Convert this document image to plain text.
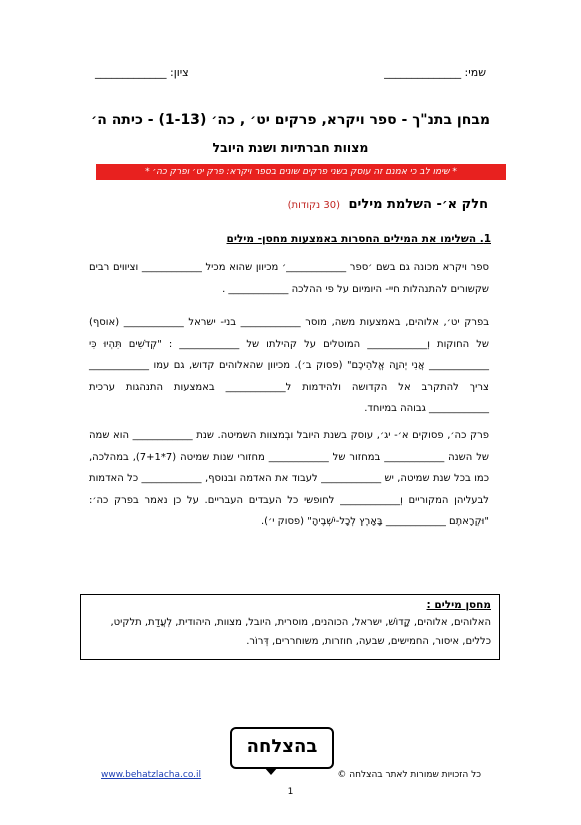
שמי: ______________
ציון: _____________
מבחן בתנ"ך - ספר ויקרא, פרקים יט׳ , כה׳ (1-13) - כיתה ה׳
מצוות חברתיות ושנת היובל
* שימו לב כי אמנם זה עוסק בשני פרקים שונים בספר ויקרא: פרק יט׳ ופרק כה׳ *
חלק א׳- השלמת מילים (30 נקודות)
1. השלימו את המילים החסרות באמצעות מחסן- מילים
ספר ויקרא מכונה גם בשם ׳ספר ____________׳ מכיוון שהוא מכיל ____________ וציווים רבים שקשורים להתנהלות חיי- היומיום על פי ההלכה ____________ .
בפרק יט׳, אלוהים, באמצעות משה, מוסר ____________ בני- ישראל ____________ (אוסף) של החוקות וְ____________ המוטלים על קהילתו של ____________ : "קְדֹשִׁים תִּהְיוּ כִּי ____________ אֲנִי יְהוָה אֱלֹהֵיכֶם" (פסוק ב׳). מכיוון שהאלוהים קדוש, גם עמו ____________ צריך להתקרב אל הקדושה ולהידמות ל____________ באמצעות התנהגות ערכית ____________ גבוהה במיוחד.
פרק כה׳, פסוקים א׳- יג׳, עוסק בשנת היובל ובְמצוות השמיטה. שנת ____________ הוא שמה של השנה ____________ במחזור של ____________ מחזורי שנות שמיטה (7*7+1), במהלכה, כמו בכל שנת שמיטה, יש ____________ לעבוד את האדמה ובנוסף, ____________ כל האדמות לבעליהן המקוריים וְ____________ לחופשי כל העבדים העבריים. על כן נאמר בפרק כה׳: "וּקְרָאתֶם ____________ בָּאָרֶץ לְכָל-יֹשְׁבֶיהָ" (פסוק י׳).
מחסן מילים :
האלוהים, אלוהים, קָדוֹשׁ, ישראל, הכוהנים, מוסרית, היובל, מצוות, היהודית, לְעֲדַת, תלקיט, כללים, איסור, החמישים, שבעה, חוזרות, משוחררים, דְּרוֹר.
בהצלחה
www.behatzlacha.co.il	כל הזכויות שמורות לאתר בהצלחה ©
1
